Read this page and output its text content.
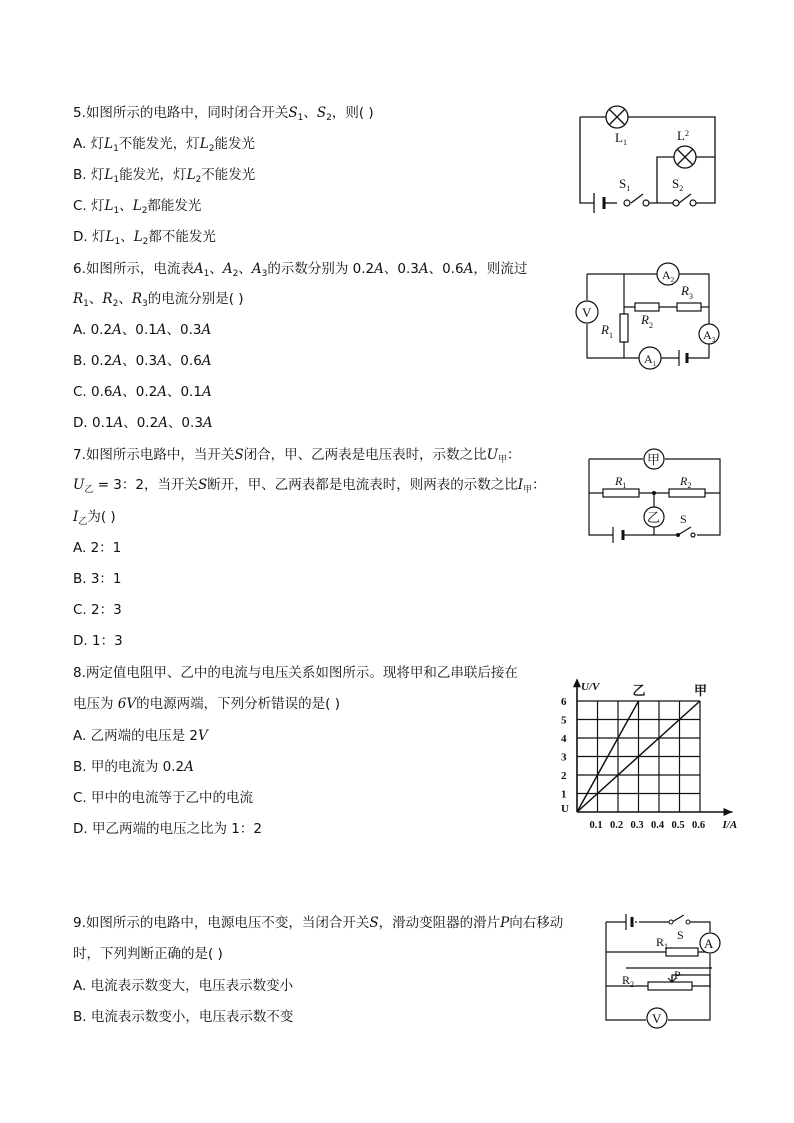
5.如图所示的电路中，同时闭合开关$S_1$、$S_2$，则( )
A. 灯$L_1$不能发光，灯$L_2$能发光
B. 灯$L_1$能发光，灯$L_2$不能发光
C. 灯$L_1$、$L_2$都能发光
D. 灯$L_1$、$L_2$都不能发光
$L_1$	$L^2$
$S_1$	$S_2$
6.如图所示，电流表$A_1$、$A_2$、$A_3$的示数分别为 0.2A、0.3A、0.6A，则流过
$R_1$、$R_2$、$R_3$的电流分别是( )
A. 0.2A、0.1A、0.3A
B. 0.2A、0.3A、0.6A
C. 0.6A、0.2A、0.1A
D. 0.1A、0.2A、0.3A
V
$A_2$
$A_3$
$A_1$
$R_1$
$R_2$
$R_3$
7.如图所示电路中，当开关S闭合，甲、乙两表是电压表时，示数之比$U_甲$：
$U_乙 = 3$：2，当开关S断开，甲、乙两表都是电流表时，则两表的示数之比$I_甲$：
$I_乙$为( )
A. 2：1
B. 3：1
C. 2：3
D. 1：3
甲
乙
$R_1$	$R_2$
S
8.两定值电阻甲、乙中的电流与电压关系如图所示。现将甲和乙串联后接在
电压为 6V的电源两端，下列分析错误的是( )
A. 乙两端的电压是 2V
B. 甲的电流为 0.2A
C. 甲中的电流等于乙中的电流
D. 甲乙两端的电压之比为 1：2
乙	甲
0.1 0.2 0.3 0.4 0.5 0.6
1
2
3
4
5
6
U
U/V
I/A
9.如图所示的电路中，电源电压不变，当闭合开关S，滑动变阻器的滑片P向右移动
时，下列判断正确的是( )
A. 电流表示数变大，电压表示数变小
B. 电流表示数变小，电压表示数不变
A
V
$R_1$
$R_2$
S
P
